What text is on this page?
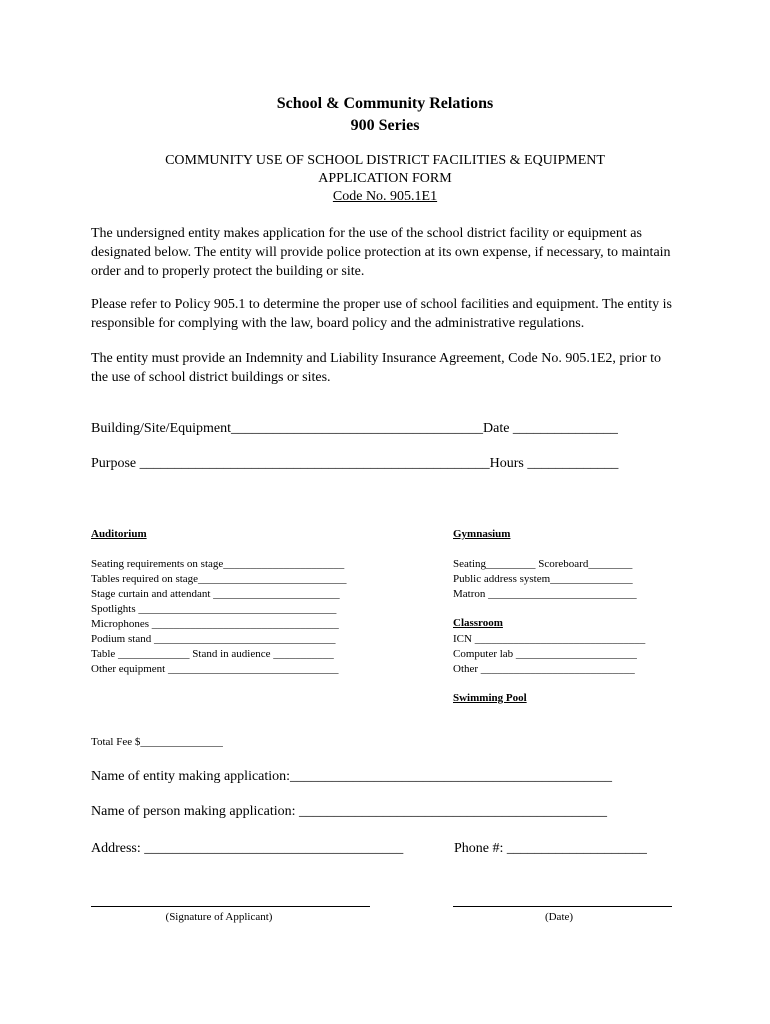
School & Community Relations
900 Series
COMMUNITY USE OF SCHOOL DISTRICT FACILITIES & EQUIPMENT
APPLICATION FORM
Code No. 905.1E1
The undersigned entity makes application for the use of the school district facility or equipment as designated below. The entity will provide police protection at its own expense, if necessary, to maintain order and to properly protect the building or site.
Please refer to Policy 905.1 to determine the proper use of school facilities and equipment. The entity is responsible for complying with the law, board policy and the administrative regulations.
The entity must provide an Indemnity and Liability Insurance Agreement, Code No. 905.1E2, prior to the use of school district buildings or sites.
Building/Site/Equipment____________________________________Date _______________
Purpose __________________________________________________Hours _____________
Auditorium
Seating requirements on stage______________________
Tables required on stage___________________________
Stage curtain and attendant _______________________
Spotlights ____________________________________
Microphones __________________________________
Podium stand _________________________________
Table _____________ Stand in audience ___________
Other equipment _______________________________
Gymnasium
Seating_________ Scoreboard________
Public address system_______________
Matron ___________________________
Classroom
ICN _______________________________
Computer lab ______________________
Other ____________________________
Swimming Pool
Total Fee $_______________
Name of entity making application:______________________________________________
Name of person making application: ____________________________________________
Address: _____________________________________	Phone #: ____________________
(Signature of Applicant)	(Date)
